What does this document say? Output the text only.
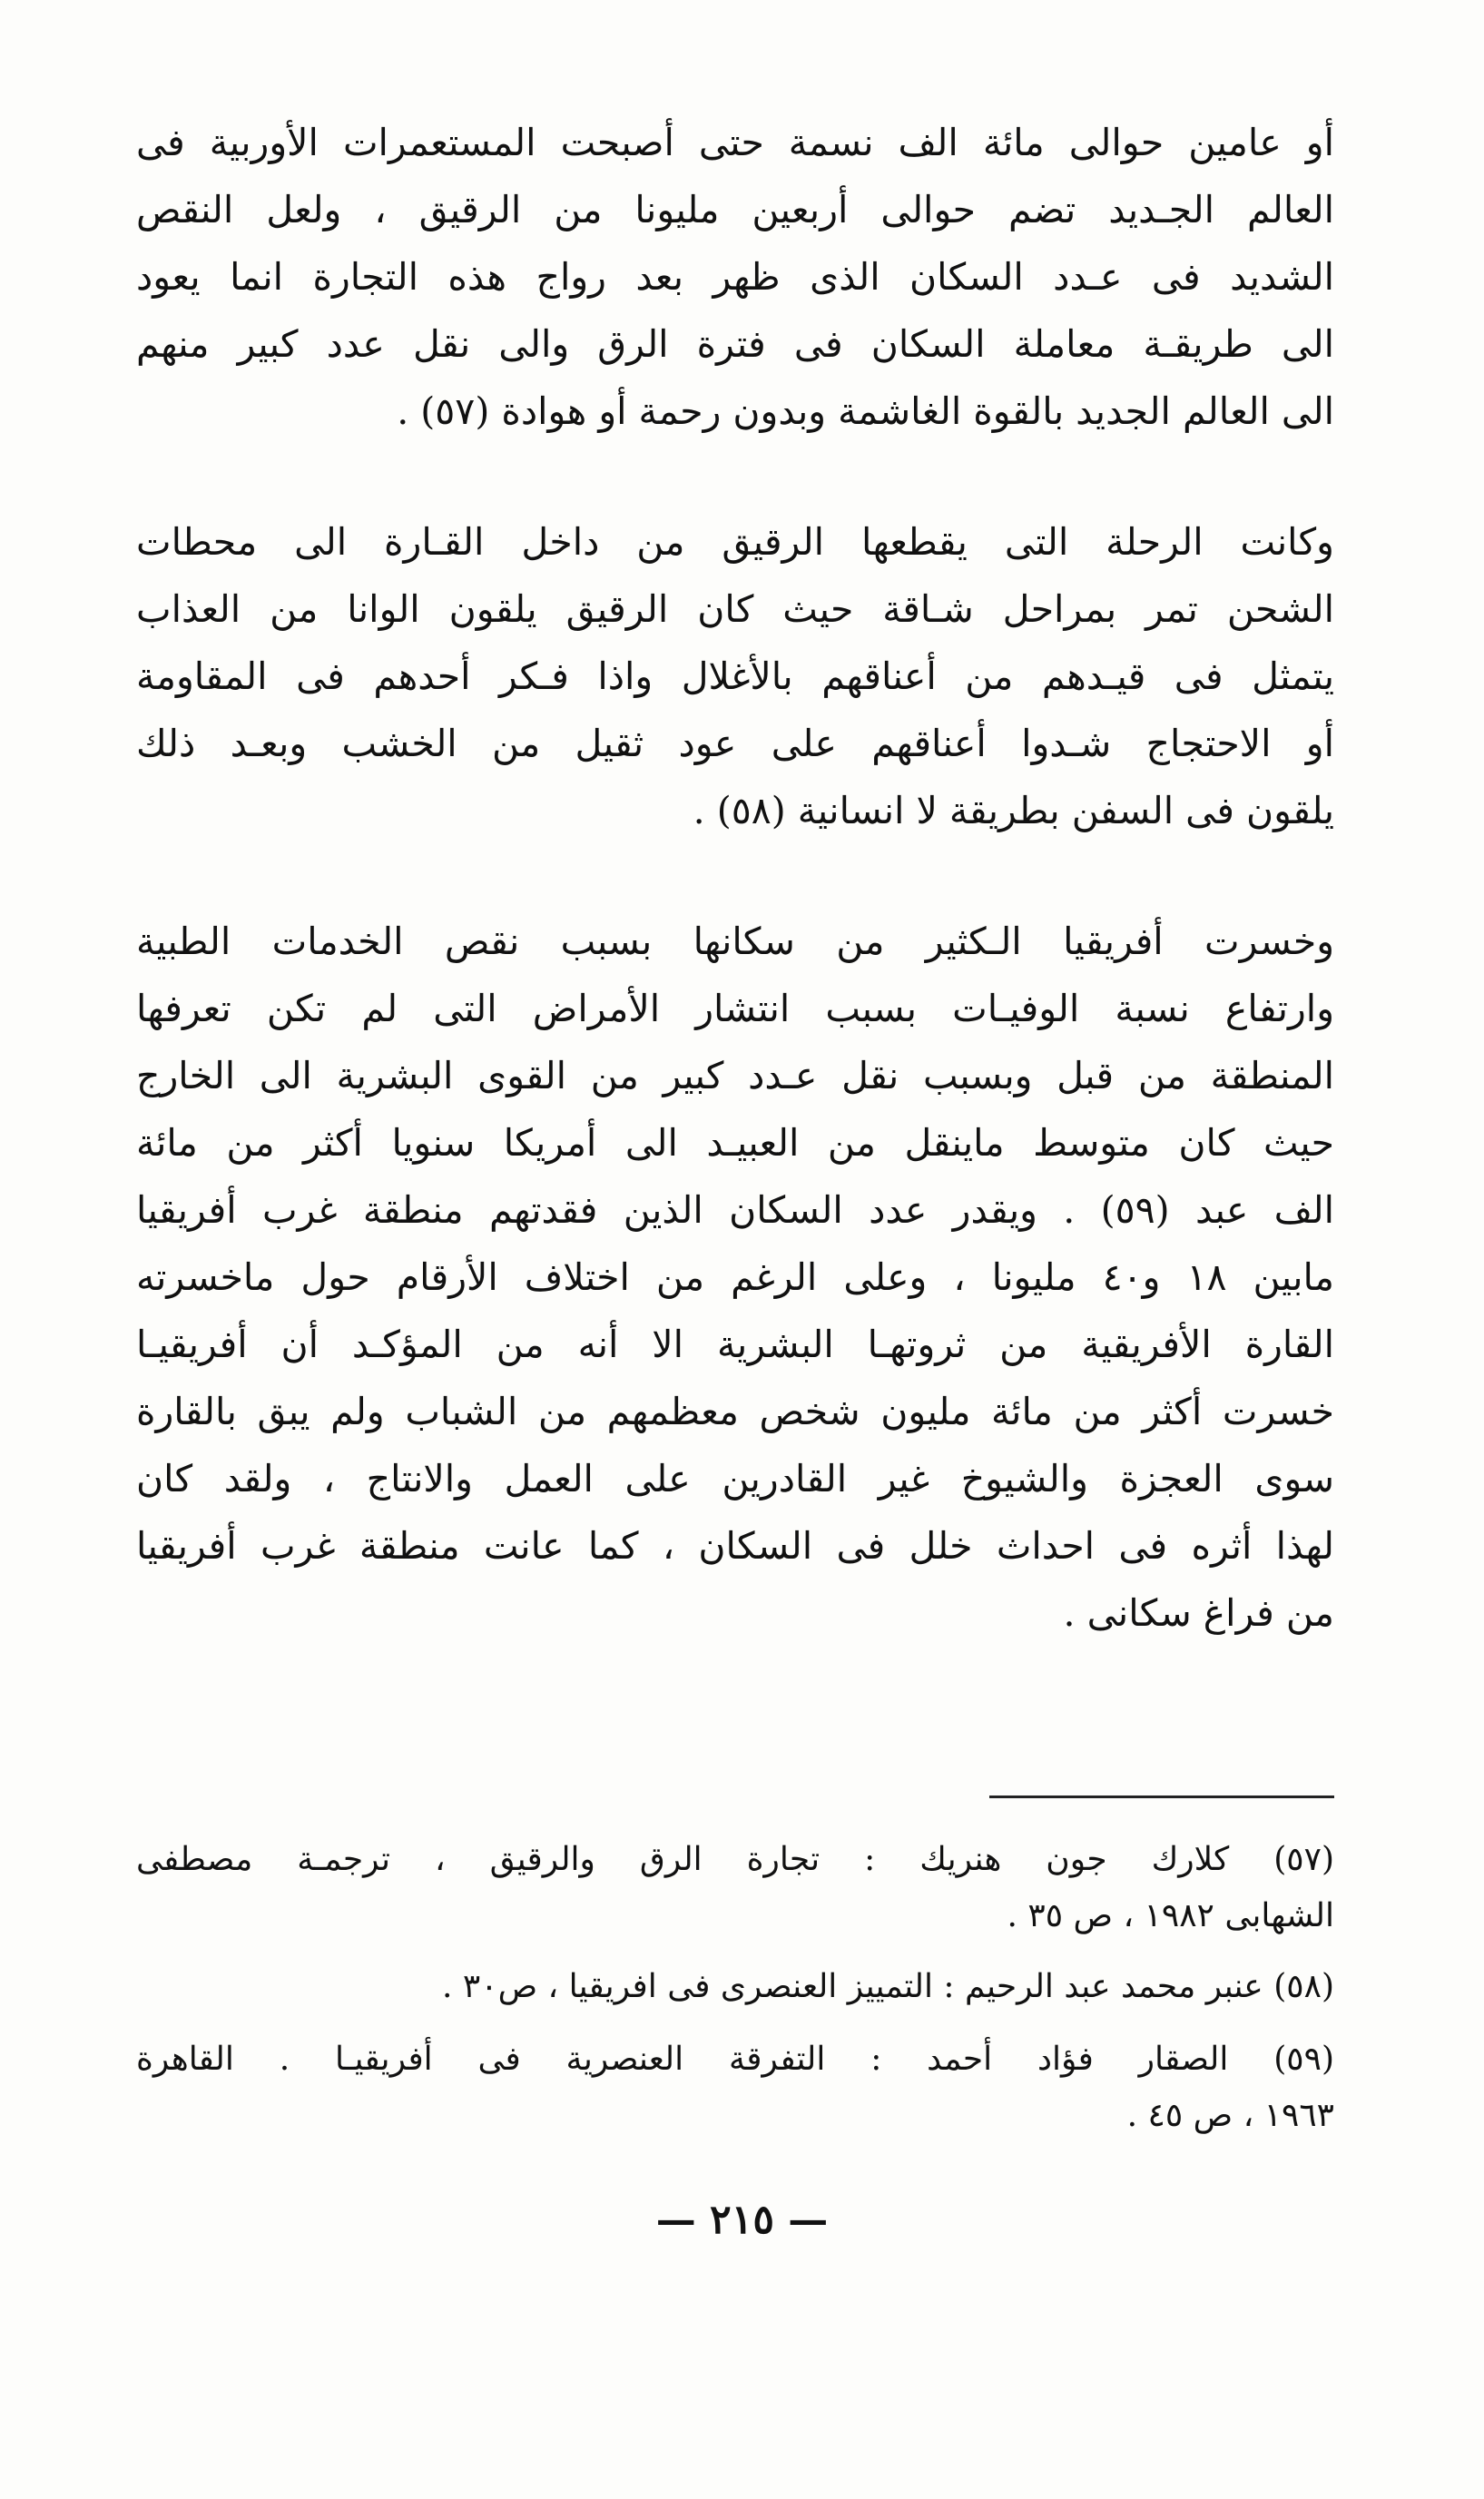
أو عامين حوالى مائة الف نسمة حتى أصبحت المستعمرات الأوربية فى
العالم الجـديد تضم حوالى أربعين مليونا من الرقيق ، ولعل النقص
الشديد فى عـدد السكان الذى ظهر بعد رواج هذه التجارة انما يعود
الى طريقـة معاملة السكان فى فترة الرق والى نقل عدد كبير منهم
الى العالم الجديد بالقوة الغاشمة وبدون رحمة أو هوادة (٥٧) .
وكانت الرحلة التى يقطعها الرقيق من داخل القـارة الى محطات
الشحن تمر بمراحل شـاقة حيث كان الرقيق يلقون الوانا من العذاب
يتمثل فى قيـدهم من أعناقهم بالأغلال واذا فـكر أحدهم فى المقاومة
أو الاحتجاج شـدوا أعناقهم على عود ثقيل من الخشب وبعـد ذلك
يلقون فى السفن بطريقة لا انسانية (٥٨) .
وخسرت أفريقيا الـكثير من سكانها بسبب نقص الخدمات الطبية
وارتفاع نسبة الوفيـات بسبب انتشار الأمراض التى لم تكن تعرفها
المنطقة من قبل وبسبب نقل عـدد كبير من القوى البشرية الى الخارج
حيث كان متوسط ماينقل من العبيـد الى أمريكا سنويا أكثر من مائة
الف عبد (٥٩) . ويقدر عدد السكان الذين فقدتهم منطقة غرب أفريقيا
مابين ١٨ و٤٠ مليونا ، وعلى الرغم من اختلاف الأرقام حول ماخسرته
القارة الأفريقية من ثروتهـا البشرية الا أنه من المؤكـد أن أفريقيـا
خسرت أكثر من مائة مليون شخص معظمهم من الشباب ولم يبق بالقارة
سوى العجزة والشيوخ غير القادرين على العمل والانتاج ، ولقد كان
لهذا أثره فى احداث خلل فى السكان ، كما عانت منطقة غرب أفريقيا
من فراغ سكانى .
(٥٧) كلارك جون هنريك : تجارة الرق والرقيق ، ترجمـة مصطفى
الشهابى ١٩٨٢ ، ص ٣٥ .
(٥٨) عنبر محمد عبد الرحيم : التمييز العنصرى فى افريقيا ، ص٣٠ .
(٥٩) الصقار فؤاد أحمد : التفرقة العنصرية فى أفريقيـا . القاهرة
١٩٦٣ ، ص ٤٥ .
— ٢١٥ —
